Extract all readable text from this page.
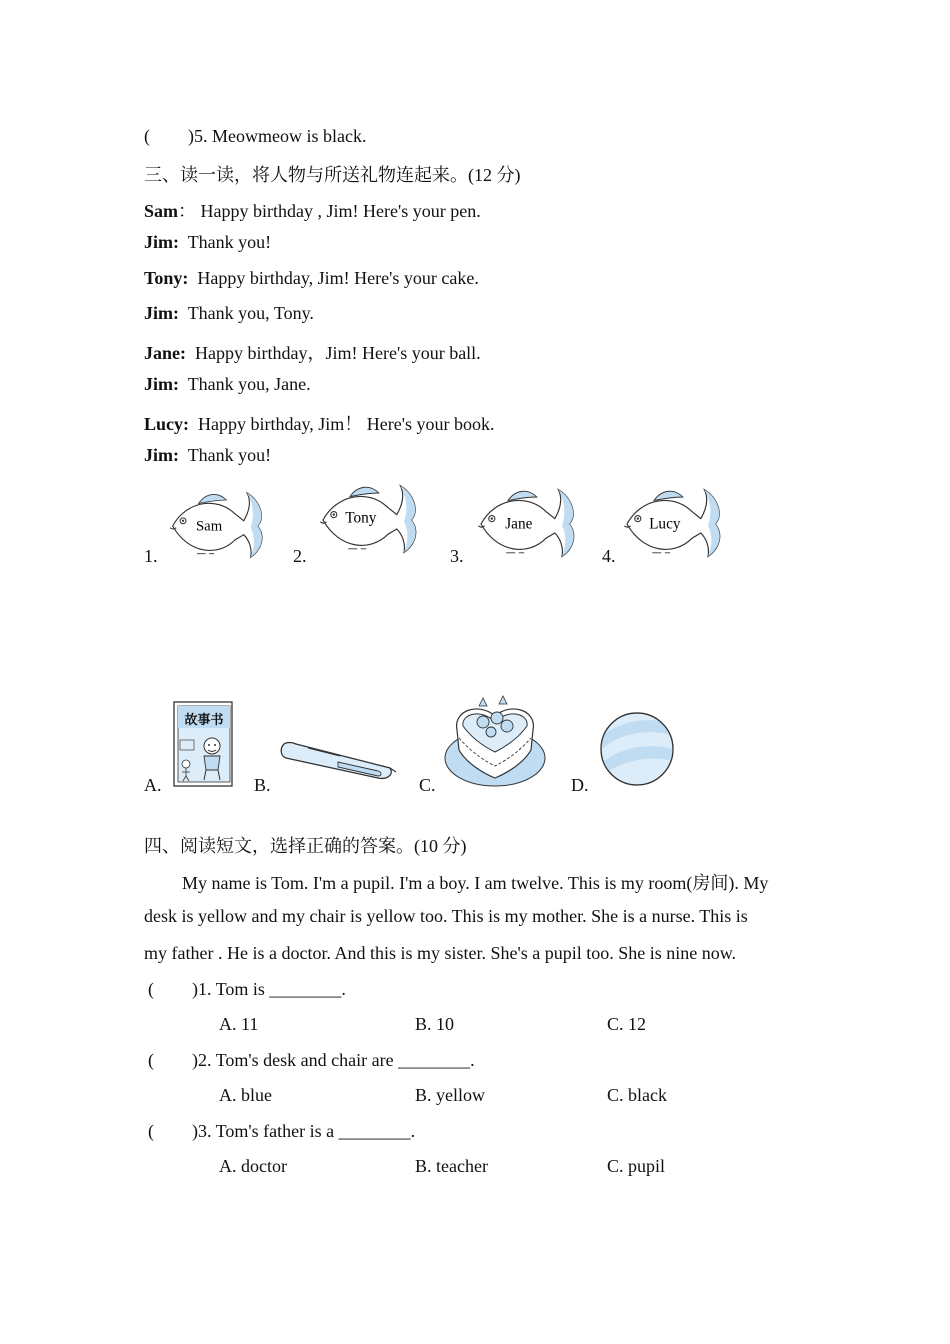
( )5. Meowmeow is black.
三、读一读，将人物与所送礼物连起来。(12 分)
Sam： Happy birthday , Jim! Here's your pen.
Jim: Thank you!
Tony: Happy birthday, Jim! Here's your cake.
Jim: Thank you, Tony.
Jane: Happy birthday，Jim! Here's your ball.
Jim: Thank you, Jane.
Lucy: Happy birthday, Jim！ Here's your book.
Jim: Thank you!
1.
Sam
2.
Tony
3.
Jane
4.
Lucy
A.
故事书
B.	C.	D.
四、阅读短文，选择正确的答案。(10 分)
My name is Tom. I'm a pupil. I'm a boy. I am twelve. This is my room(房间). My
desk is yellow and my chair is yellow too. This is my mother. She is a nurse. This is
my father . He is a doctor. And this is my sister. She's a pupil too. She is nine now.
( )1. Tom is ________.
A. 11	B. 10	C. 12
( )2. Tom's desk and chair are ________.
A. blue	B. yellow	C. black
( )3. Tom's father is a ________.
A. doctor	B. teacher	C. pupil
